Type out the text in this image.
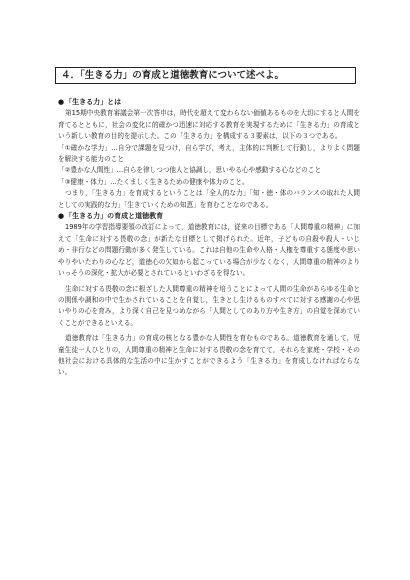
４．「生きる力」の育成と道徳教育について述べよ。
●「生きる力」とは

第15期中央教育審議会第一次答申は，時代を超えて変わらない価値あるものを大切にすると人間を育てるとともに，社会の変化に的確かつ迅速に対応する教育を実現するために「生きる力」の育成という新しい教育の目的を提示した。この「生きる力」を構成する３要素は，以下の３つである。

「①確かな学力」…自分で課題を見つけ，自ら学び，考え，主体的に判断して行動し，よりよく問題を解決する能力のこと

「②豊かな人間性」…自らを律しつつ他人と協調し，思いやる心や感動する心などのこと

「③健康・体力」…たくましく生きるための健康や体力のこと。

つまり，「生きる力」を育成するということは「全人的な力」「知・徳・体のバランスの取れた人間としての実践的な力」「生きていくための知恵」を育むことなのである。

●「生きる力」の育成と道徳教育

1989年の学習指導要領の改訂によって，道徳教育には，従来の目標である「人間尊重の精神」に加えて「生命に対する畏敬の念」が新たな目標として掲げられた。近年，子どもの自殺や殺人・いじめ・非行などの問題行動が多く発生している。これは自他の生命や人格・人権を尊重する態度や思いやりやいたわりの心など，道徳心の欠如から起こっている場合が少なくなく，人間尊重の精神のよりいっそうの深化・拡大が必要とされているといわざるを得ない。

生命に対する畏敬の念に根ざした人間尊重の精神を培うことによって人間の生命があらゆる生命との関係や調和の中で生かされていることを自覚し，生きとし生けるものすべてに対する感謝の心や思いやりの心を育み，より深く自己を見つめながら「人間としてのあり方や生き方」の自覚を深めていくことができるといえる。

道徳教育は「生きる力」の育成の核となる豊かな人間性を育むものである。道徳教育を通して，児童生徒一人ひとりの，人間尊重の精神と生命に対する畏敬の念を育てて，それらを家庭・学校・その他社会における具体的な生活の中に生かすことができるよう「生きる力」を育成しなければならない。
